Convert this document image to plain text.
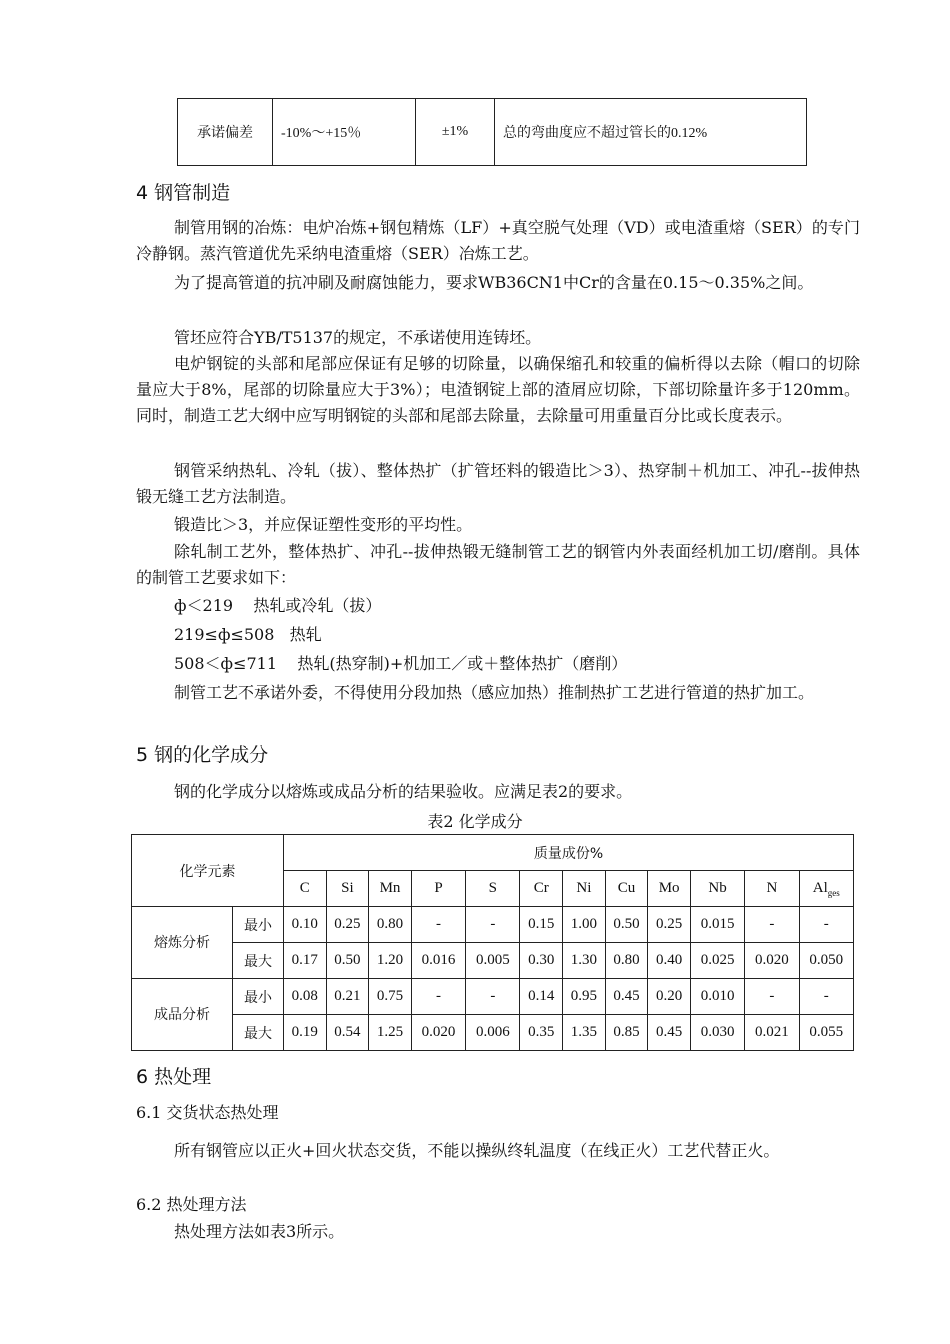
承诺偏差	-10%～+15％	±1%	总的弯曲度应不超过管长的0.12%
4 钢管制造

制管用钢的冶炼：电炉冶炼+钢包精炼（LF）+真空脱气处理（VD）或电渣重熔（SER）的专门冷静钢。蒸汽管道优先采纳电渣重熔（SER）冶炼工艺。

为了提高管道的抗冲刷及耐腐蚀能力，要求WB36CN1中Cr的含量在0.15～0.35%之间。

管坯应符合YB/T5137的规定，不承诺使用连铸坯。

电炉钢锭的头部和尾部应保证有足够的切除量，以确保缩孔和较重的偏析得以去除（帽口的切除量应大于8%，尾部的切除量应大于3%）；电渣钢锭上部的渣屑应切除，下部切除量许多于120mm。同时，制造工艺大纲中应写明钢锭的头部和尾部去除量，去除量可用重量百分比或长度表示。

钢管采纳热轧、冷轧（拔）、整体热扩（扩管坯料的锻造比＞3）、热穿制＋机加工、冲孔--拔伸热锻无缝工艺方法制造。

锻造比＞3，并应保证塑性变形的平均性。

除轧制工艺外，整体热扩、冲孔--拔伸热锻无缝制管工艺的钢管内外表面经机加工切/磨削。具体的制管工艺要求如下：

ф＜219    热轧或冷轧（拔）

219≤ф≤508   热轧

508＜ф≤711    热轧(热穿制)+机加工／或＋整体热扩（磨削）

制管工艺不承诺外委，不得使用分段加热（感应加热）推制热扩工艺进行管道的热扩加工。

5 钢的化学成分

钢的化学成分以熔炼或成品分析的结果验收。应满足表2的要求。

表2 化学成分
化学元素		质量成份%											
		C	Si	Mn	P	S	Cr	Ni	Cu	Mo	Nb	N	$Al_{ges}$
熔炼分析	最小	0.10	0.25	0.80	-	-	0.15	1.00	0.50	0.25	0.015	-	-
	最大	0.17	0.50	1.20	0.016	0.005	0.30	1.30	0.80	0.40	0.025	0.020	0.050
成品分析	最小	0.08	0.21	0.75	-	-	0.14	0.95	0.45	0.20	0.010	-	-
	最大	0.19	0.54	1.25	0.020	0.006	0.35	1.35	0.85	0.45	0.030	0.021	0.055
6 热处理

6.1 交货状态热处理

所有钢管应以正火+回火状态交货，不能以操纵终轧温度（在线正火）工艺代替正火。

6.2 热处理方法

热处理方法如表3所示。
